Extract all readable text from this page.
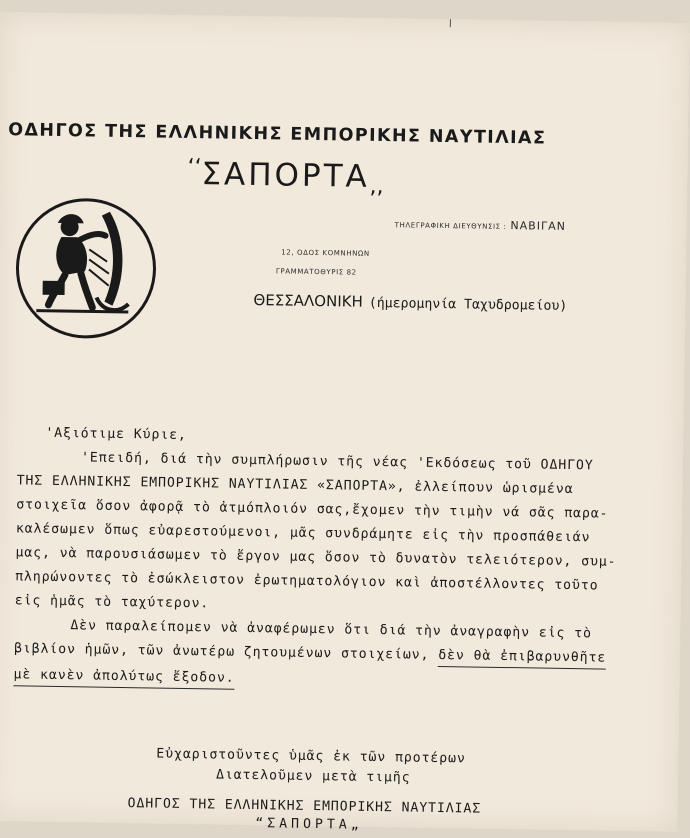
ΟΔΗΓΟΣ ΤΗΣ ΕΛΛΗΝΙΚΗΣ ΕΜΠΟΡΙΚΗΣ ΝΑΥΤΙΛΙΑΣ
‘‘ΣΑΠΟΡΤΑ,,
ΤΗΛΕΓΡΑΦΙΚΗ ΔΙΕΥΘΥΝΣΙΣ : ΝΑΒΙΓΑΝ
12, ΟΔΟΣ ΚΟΜΝΗΝΩΝ
ΓΡΑΜΜΑΤΟΘΥΡΙΣ 82
ΘΕΣΣΑΛΟΝΙΚΗ (ήμερομηνία Ταχυδρομείου)
'Αξιότιμε Κύριε,
'Επειδή, διά τὴν συμπλήρωσιν τῆς νέας 'Εκδόσεως τοῦ ΟΔΗΓΟΥ
ΤΗΣ ΕΛΛΗΝΙΚΗΣ ΕΜΠΟΡΙΚΗΣ ΝΑΥΤΙΛΙΑΣ «ΣΑΠΟΡΤΑ», ἐλλείπουν ὡρισμένα
στοιχεῖα ὅσον ἀφορᾷ τὸ ἀτμόπλοιόν σας,ἔχομεν τὴν τιμὴν νά σᾶς παρα-
καλέσωμεν ὅπως εὐαρεστούμενοι, μᾶς συνδράμητε εἰς τὴν προσπάθειάν
μας, νὰ παρουσιάσωμεν τὸ ἔργον μας ὅσον τὸ δυνατὸν τελειότερον, συμ-
πληρώνοντες τὸ ἐσώκλειστον ἐρωτηματολόγιον καὶ ἀποστέλλοντες τοῦτο
εἰς ἡμᾶς τὸ ταχύτερον.
Δὲν παραλείπομεν νὰ ἀναφέρωμεν ὅτι διά τὴν ἀναγραφὴν εἰς τὸ
βιβλίον ἡμῶν, τῶν ἀνωτέρω ζητουμένων στοιχείων, δὲν θὰ ἐπιβαρυνθῆτε
μὲ κανὲν ἀπολύτως ἔξοδον.
Εὐχαριστοῦντες ὑμᾶς ἐκ τῶν προτέρων
Διατελοῦμεν μετὰ τιμῆς
ΟΔΗΓΟΣ ΤΗΣ ΕΛΛΗΝΙΚΗΣ ΕΜΠΟΡΙΚΗΣ ΝΑΥΤΙΛΙΑΣ
“ΣΑΠΟΡΤΑ„
